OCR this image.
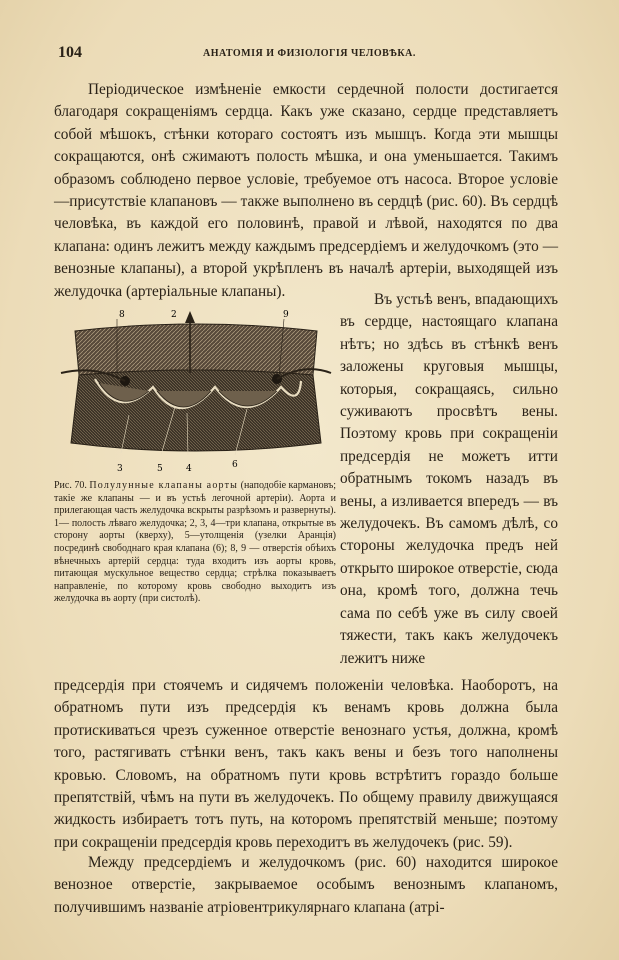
104	АНАТОМІЯ И ФИЗІОЛОГІЯ ЧЕЛОВѢКА.

Періодическое измѣненіе емкости сердечной полости достигается благодаря сокращеніямъ сердца. Какъ уже сказано, сердце представляетъ собой мѣшокъ, стѣнки котораго состоятъ изъ мышцъ. Когда эти мышцы сокращаются, онѣ сжимаютъ полость мѣшка, и она уменьшается. Такимъ образомъ соблюдено первое условіе, требуемое отъ насоса. Второе условіе—присутствіе клапановъ — также выполнено въ сердцѣ (рис. 60). Въ сердцѣ человѣка, въ каждой его половинѣ, правой и лѣвой, находятся по два клапана: одинъ лежитъ между каждымъ предсердіемъ и желудочкомъ (это — венозные клапаны), а второй укрѣпленъ въ началѣ артеріи, выходящей изъ желудочка (артеріальные клапаны).

8	2	9
3	5	4	6

Рис. 70. Полулунные клапаны аорты (наподобіе кармановъ; такіе же клапаны — и въ устьѣ легочной артеріи). Аорта и прилегающая часть желудочка вскрыты разрѣзомъ и развернуты). 1— полость лѣваго желудочка; 2, 3, 4—три клапана, открытые въ сторону аорты (кверху), 5—утолщенія (узелки Аранція) посрединѣ свободнаго края клапана (6); 8, 9 — отверстія обѣихъ вѣнечныхъ артерій сердца: туда входитъ изъ аорты кровь, питающая мускульное вещество сердца; стрѣлка показываетъ направленіе, по которому кровь свободно выходитъ изъ желудочка въ аорту (при систолѣ).

Въ устьѣ венъ, впадающихъ въ сердце, настоящаго клапана нѣтъ; но здѣсь въ стѣнкѣ венъ заложены круговыя мышцы, которыя, сокращаясь, сильно суживаютъ просвѣтъ вены. Поэтому кровь при сокращеніи предсердія не можетъ итти обратнымъ токомъ назадъ въ вены, а изливается впередъ — въ желудочекъ. Въ самомъ дѣлѣ, со стороны желудочка предъ ней открыто широкое отверстіе, сюда она, кромѣ того, должна течь сама по себѣ уже въ силу своей тяжести, такъ какъ желудочекъ лежитъ ниже

предсердія при стоячемъ и сидячемъ положеніи человѣка. Наоборотъ, на обратномъ пути изъ предсердія къ венамъ кровь должна была протискиваться чрезъ суженное отверстіе венознаго устья, должна, кромѣ того, растягивать стѣнки венъ, такъ какъ вены и безъ того наполнены кровью. Словомъ, на обратномъ пути кровь встрѣтитъ гораздо больше препятствій, чѣмъ на пути въ желудочекъ. По общему правилу движущаяся жидкость избираетъ тотъ путь, на которомъ препятствій меньше; поэтому при сокращеніи предсердія кровь переходитъ въ желудочекъ (рис. 59).

Между предсердіемъ и желудочкомъ (рис. 60) находится широкое венозное отверстіе, закрываемое особымъ венознымъ клапаномъ, получившимъ названіе атріовентрикулярнаго клапана (атрі-
